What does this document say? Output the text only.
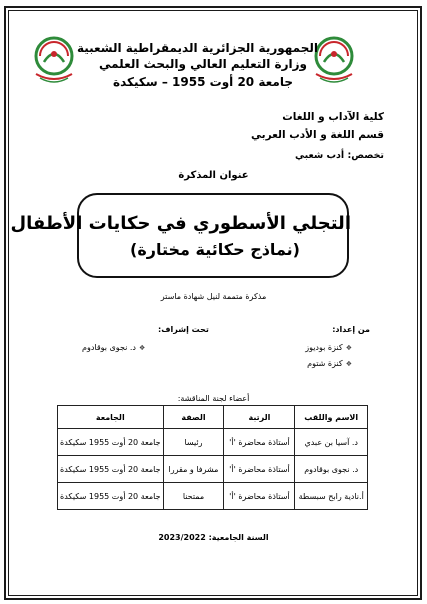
الجمهورية الجزائرية الديمقراطية الشعبية
وزارة التعليم العالي والبحث العلمي
جامعة 20 أوت 1955 – سكيكدة
كلية الآداب و اللغات
قسم اللغة و الأدب العربي
تخصص: أدب شعبي
عنوان المذكرة
التجلي الأسطوري في حكايات الأطفال
(نماذج حكائية مختارة)
مذكرة متممة لنيل شهادة ماستر
من إعداد:
تحت إشراف:
❖
كنزة بوديوز
❖
كنزة شتوم
❖
د. نجوى بوقادوم
أعضاء لجنة المناقشة:
الاسم واللقب	الرتبة	الصفة	الجامعة
د. آسيا بن عبدي	أستاذة محاضرة 'أ'	رئيسا	جامعة 20 أوت 1955 سكيكدة
د. نجوى بوقادوم	أستاذة محاضرة 'أ'	مشرفا و مقررا	جامعة 20 أوت 1955 سكيكدة
أ.نادية رابح سبسطة	أستاذة محاضرة 'أ'	ممتحنا	جامعة 20 أوت 1955 سكيكدة
السنة الجامعية: 2023/2022
